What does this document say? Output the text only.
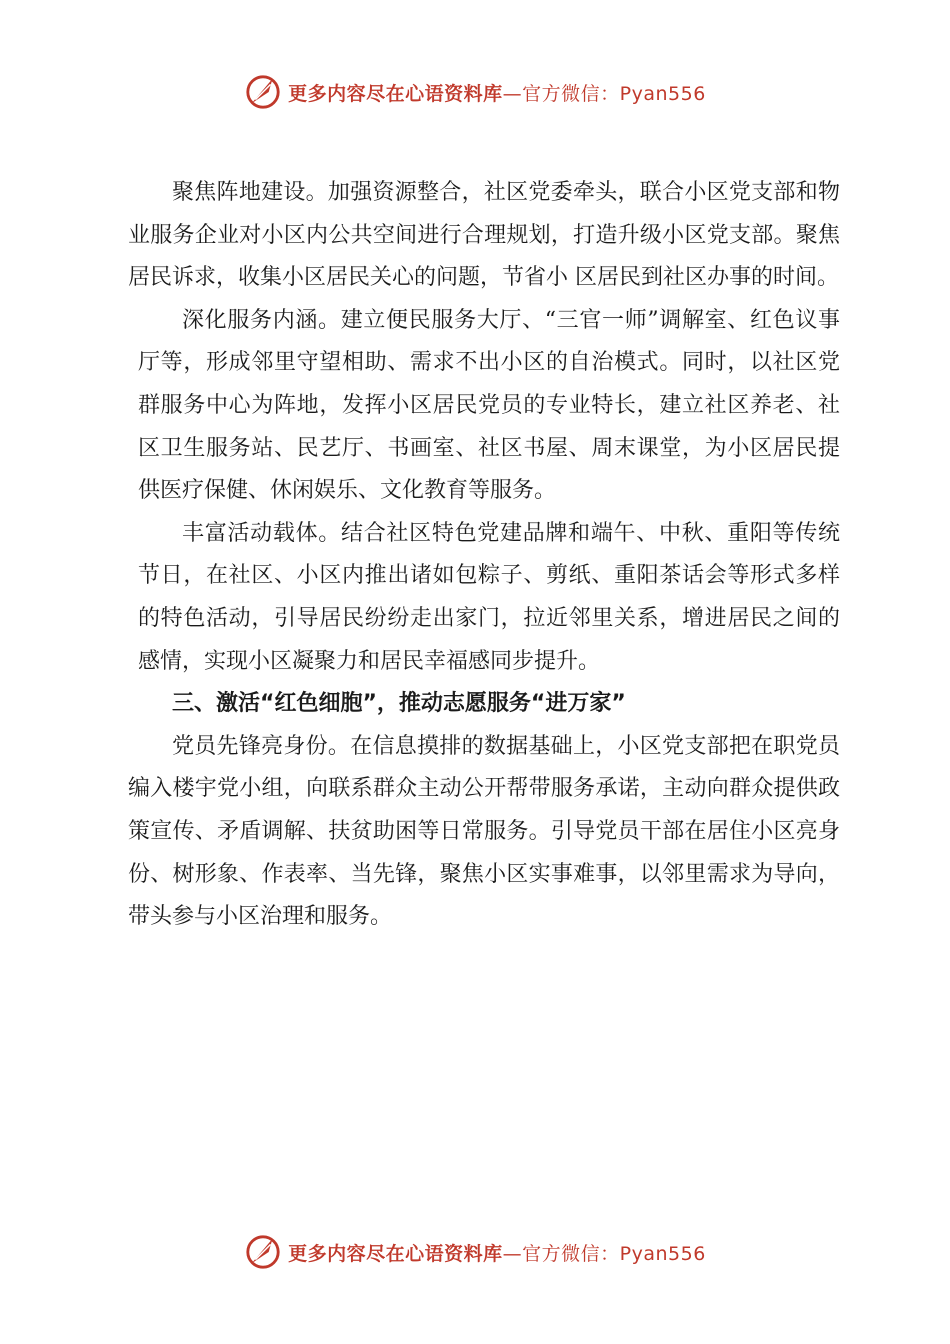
更多内容尽在心语资料库—官方微信：Pyan556

聚焦阵地建设。加强资源整合，社区党委牵头，联合小区党支部和物业服务企业对小区内公共空间进行合理规划，打造升级小区党支部。聚焦居民诉求，收集小区居民关心的问题，节省小 区居民到社区办事的时间。

深化服务内涵。建立便民服务大厅、“三官一师”调解室、红色议事厅等，形成邻里守望相助、需求不出小区的自治模式。同时，以社区党群服务中心为阵地，发挥小区居民党员的专业特长，建立社区养老、社区卫生服务站、民艺厅、书画室、社区书屋、周末课堂，为小区居民提供医疗保健、休闲娱乐、文化教育等服务。

丰富活动载体。结合社区特色党建品牌和端午、中秋、重阳等传统节日，在社区、小区内推出诸如包粽子、剪纸、重阳茶话会等形式多样的特色活动，引导居民纷纷走出家门，拉近邻里关系，增进居民之间的感情，实现小区凝聚力和居民幸福感同步提升。

三、激活“红色细胞”，推动志愿服务“进万家”

党员先锋亮身份。在信息摸排的数据基础上，小区党支部把在职党员编入楼宇党小组，向联系群众主动公开帮带服务承诺，主动向群众提供政策宣传、矛盾调解、扶贫助困等日常服务。引导党员干部在居住小区亮身份、树形象、作表率、当先锋，聚焦小区实事难事，以邻里需求为导向，带头参与小区治理和服务。

更多内容尽在心语资料库—官方微信：Pyan556
